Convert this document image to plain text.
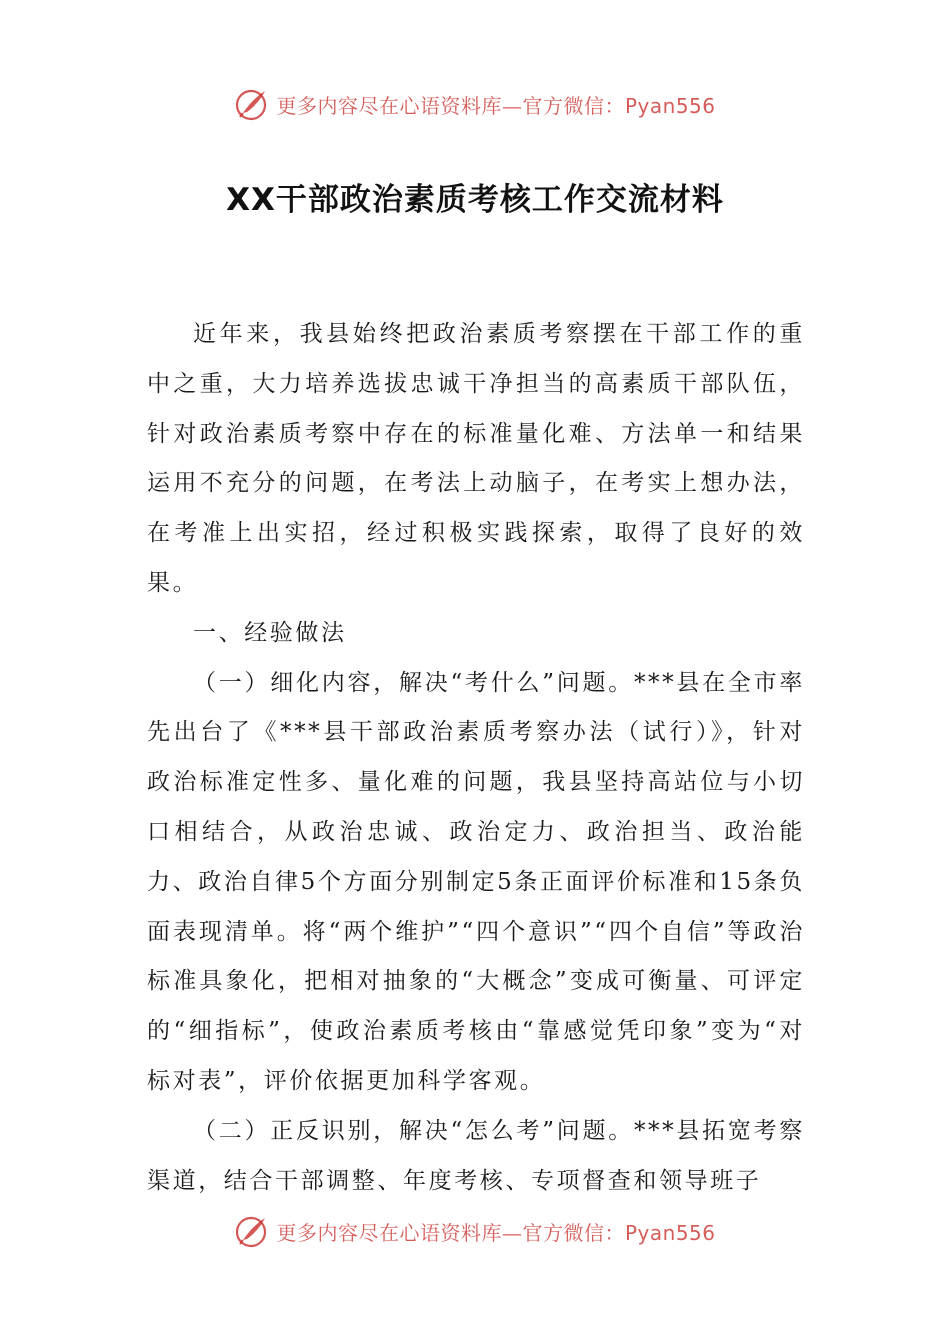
更多内容尽在心语资料库—官方微信：Pyan556
XX干部政治素质考核工作交流材料

近年来，我县始终把政治素质考察摆在干部工作的重中之重，大力培养选拔忠诚干净担当的高素质干部队伍，针对政治素质考察中存在的标准量化难、方法单一和结果运用不充分的问题，在考法上动脑子，在考实上想办法，在考准上出实招，经过积极实践探索，取得了良好的效果。

一、经验做法

（一）细化内容，解决“考什么”问题。***县在全市率先出台了《***县干部政治素质考察办法（试行）》，针对政治标准定性多、量化难的问题，我县坚持高站位与小切口相结合，从政治忠诚、政治定力、政治担当、政治能力、政治自律5个方面分别制定5条正面评价标准和15条负面表现清单。将“两个维护”“四个意识”“四个自信”等政治标准具象化，把相对抽象的“大概念”变成可衡量、可评定的“细指标”，使政治素质考核由“靠感觉凭印象”变为“对标对表”，评价依据更加科学客观。

（二）正反识别，解决“怎么考”问题。***县拓宽考察渠道，结合干部调整、年度考核、专项督查和领导班子

更多内容尽在心语资料库—官方微信：Pyan556
